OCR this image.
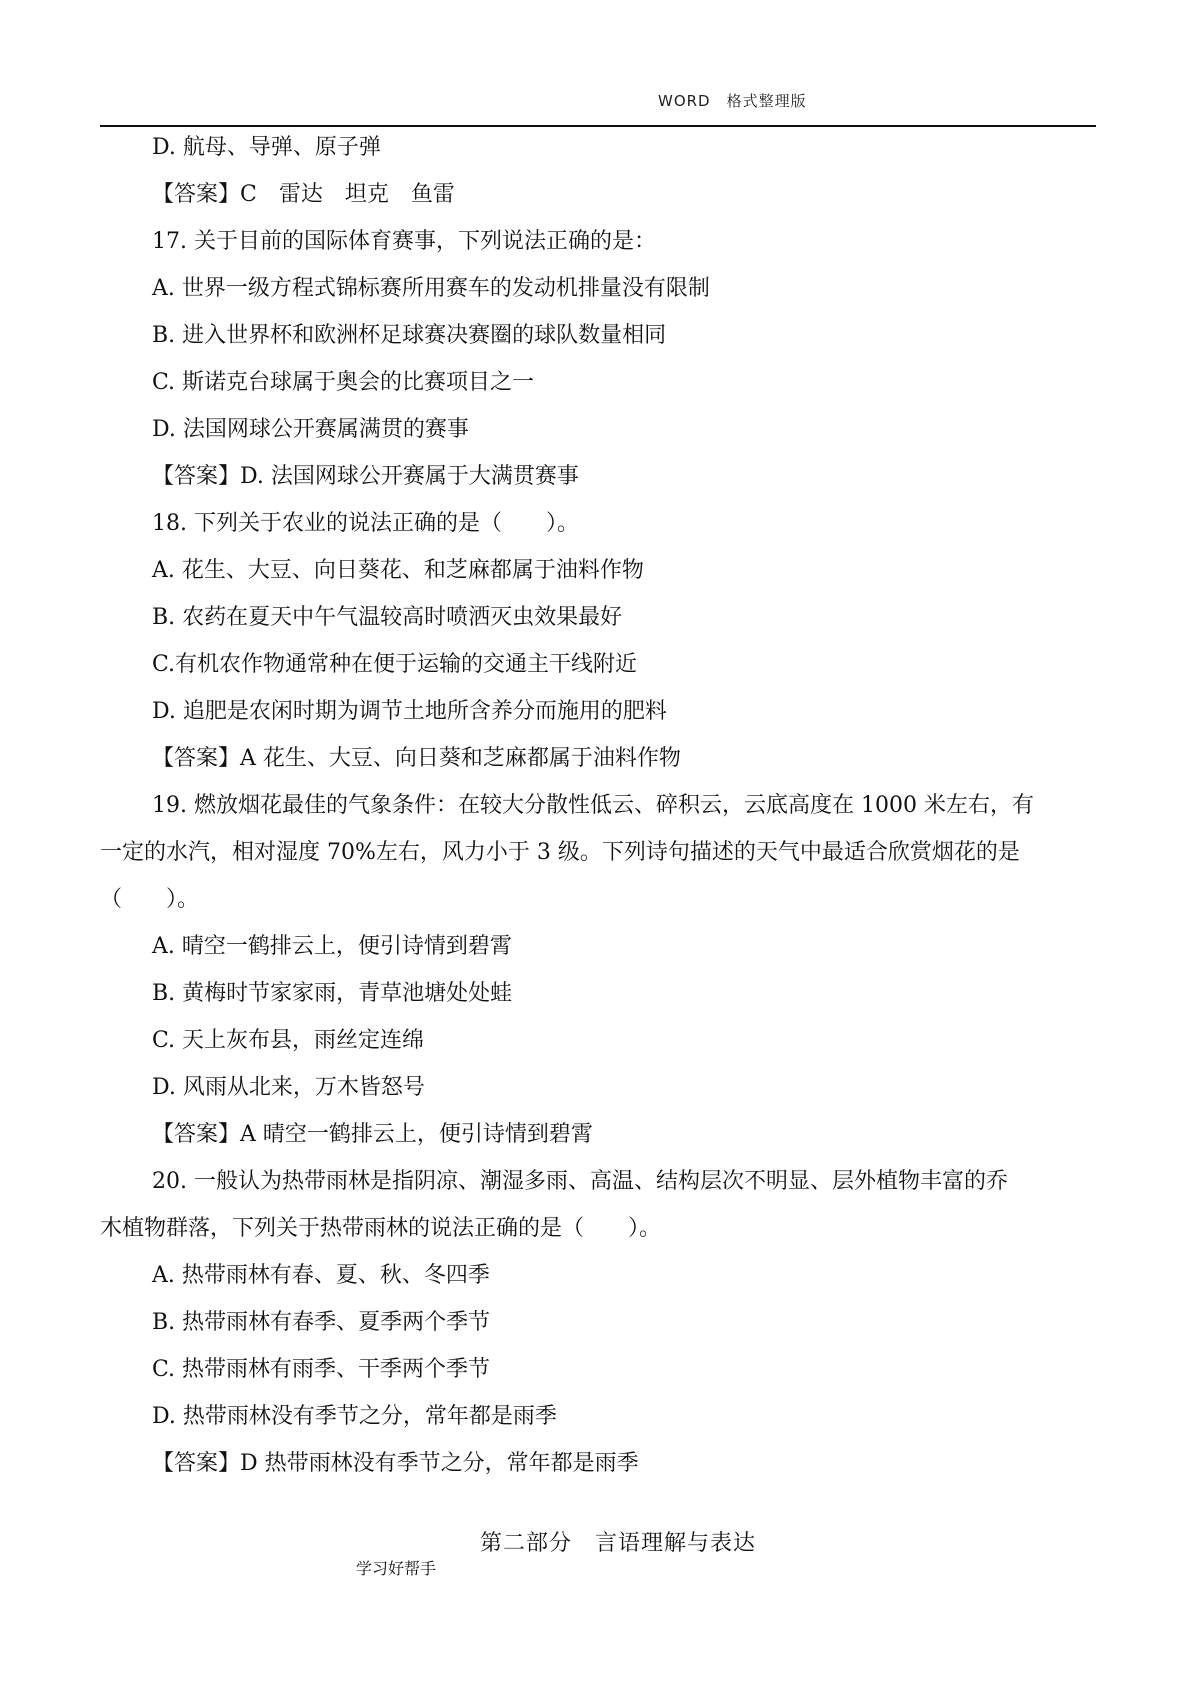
WORD　格式整理版
D. 航母、导弹、原子弹
【答案】C　雷达　坦克　鱼雷
17. 关于目前的国际体育赛事，下列说法正确的是：
A. 世界一级方程式锦标赛所用赛车的发动机排量没有限制
B. 进入世界杯和欧洲杯足球赛决赛圈的球队数量相同
C. 斯诺克台球属于奥会的比赛项目之一
D. 法国网球公开赛属满贯的赛事
【答案】D. 法国网球公开赛属于大满贯赛事
18. 下列关于农业的说法正确的是（　　）。
A. 花生、大豆、向日葵花、和芝麻都属于油料作物
B. 农药在夏天中午气温较高时喷洒灭虫效果最好
C.有机农作物通常种在便于运输的交通主干线附近
D. 追肥是农闲时期为调节土地所含养分而施用的肥料
【答案】A 花生、大豆、向日葵和芝麻都属于油料作物
19. 燃放烟花最佳的气象条件：在较大分散性低云、碎积云，云底高度在 1000 米左右，有
一定的水汽，相对湿度 70%左右，风力小于 3 级。下列诗句描述的天气中最适合欣赏烟花的是
（　　）。
A. 晴空一鹤排云上，便引诗情到碧霄
B. 黄梅时节家家雨，青草池塘处处蛙
C. 天上灰布县，雨丝定连绵
D. 风雨从北来，万木皆怒号
【答案】A 晴空一鹤排云上，便引诗情到碧霄
20. 一般认为热带雨林是指阴凉、潮湿多雨、高温、结构层次不明显、层外植物丰富的乔
木植物群落，下列关于热带雨林的说法正确的是（　　）。
A. 热带雨林有春、夏、秋、冬四季
B. 热带雨林有春季、夏季两个季节
C. 热带雨林有雨季、干季两个季节
D. 热带雨林没有季节之分，常年都是雨季
【答案】D 热带雨林没有季节之分，常年都是雨季
第二部分　言语理解与表达
学习好帮手
